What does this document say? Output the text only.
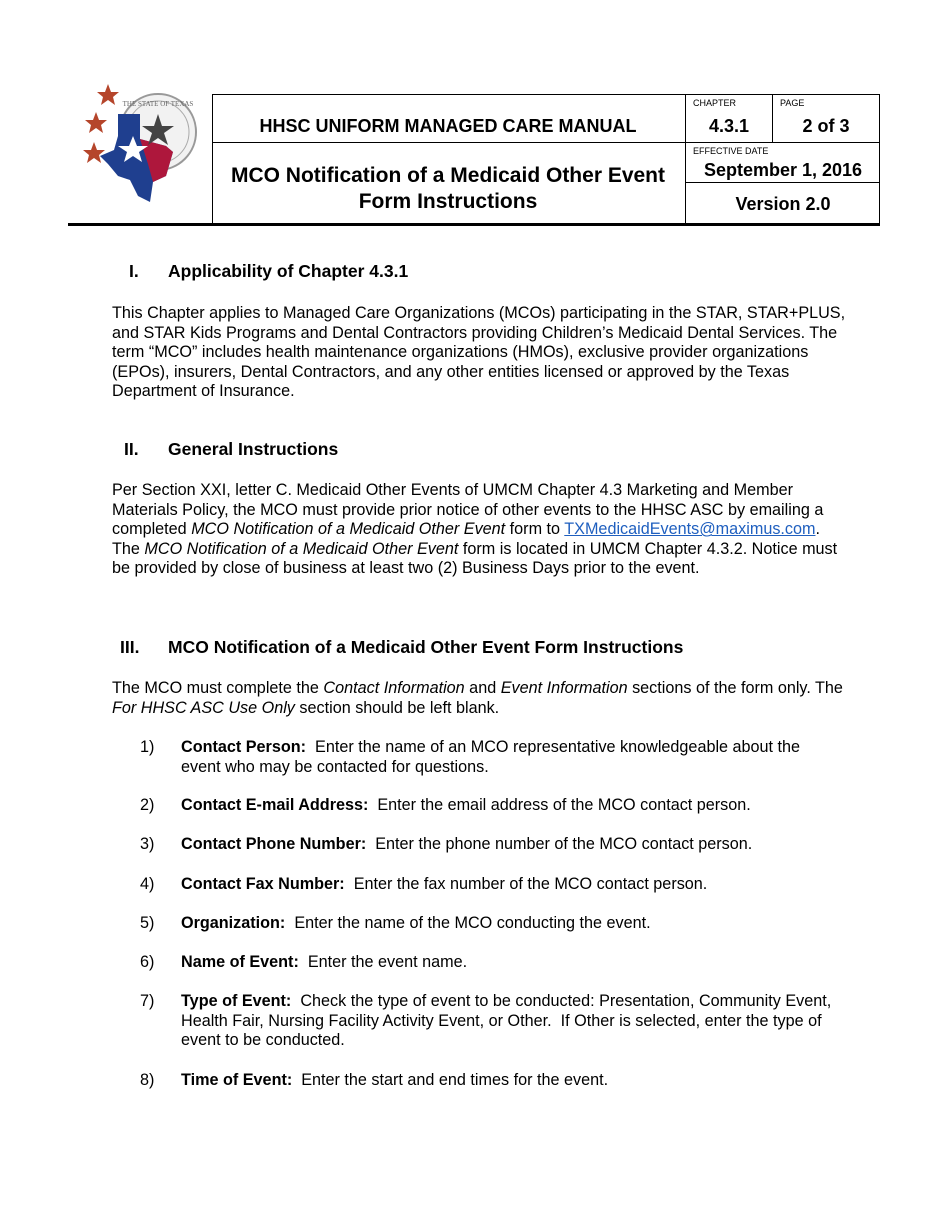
THE STATE OF TEXAS
HHSC UNIFORM MANAGED CARE MANUAL
MCO Notification of a Medicaid Other Event
Form Instructions
CHAPTER
4.3.1
PAGE
2 of 3
EFFECTIVE DATE
September 1, 2016
Version 2.0
I. Applicability of Chapter 4.3.1
This Chapter applies to Managed Care Organizations (MCOs) participating in the STAR, STAR+PLUS, and STAR Kids Programs and Dental Contractors providing Children’s Medicaid Dental Services. The term “MCO” includes health maintenance organizations (HMOs), exclusive provider organizations (EPOs), insurers, Dental Contractors, and any other entities licensed or approved by the Texas Department of Insurance.
II. General Instructions
Per Section XXI, letter C. Medicaid Other Events of UMCM Chapter 4.3 Marketing and Member Materials Policy, the MCO must provide prior notice of other events to the HHSC ASC by emailing a completed MCO Notification of a Medicaid Other Event form to TXMedicaidEvents@maximus.com. The MCO Notification of a Medicaid Other Event form is located in UMCM Chapter 4.3.2. Notice must be provided by close of business at least two (2) Business Days prior to the event.
III. MCO Notification of a Medicaid Other Event Form Instructions
The MCO must complete the Contact Information and Event Information sections of the form only. The For HHSC ASC Use Only section should be left blank.
1) Contact Person:  Enter the name of an MCO representative knowledgeable about the event who may be contacted for questions.
2) Contact E-mail Address:  Enter the email address of the MCO contact person.
3) Contact Phone Number:  Enter the phone number of the MCO contact person.
4) Contact Fax Number:  Enter the fax number of the MCO contact person.
5) Organization:  Enter the name of the MCO conducting the event.
6) Name of Event:  Enter the event name.
7) Type of Event:  Check the type of event to be conducted: Presentation, Community Event, Health Fair, Nursing Facility Activity Event, or Other.  If Other is selected, enter the type of event to be conducted.
8) Time of Event:  Enter the start and end times for the event.
